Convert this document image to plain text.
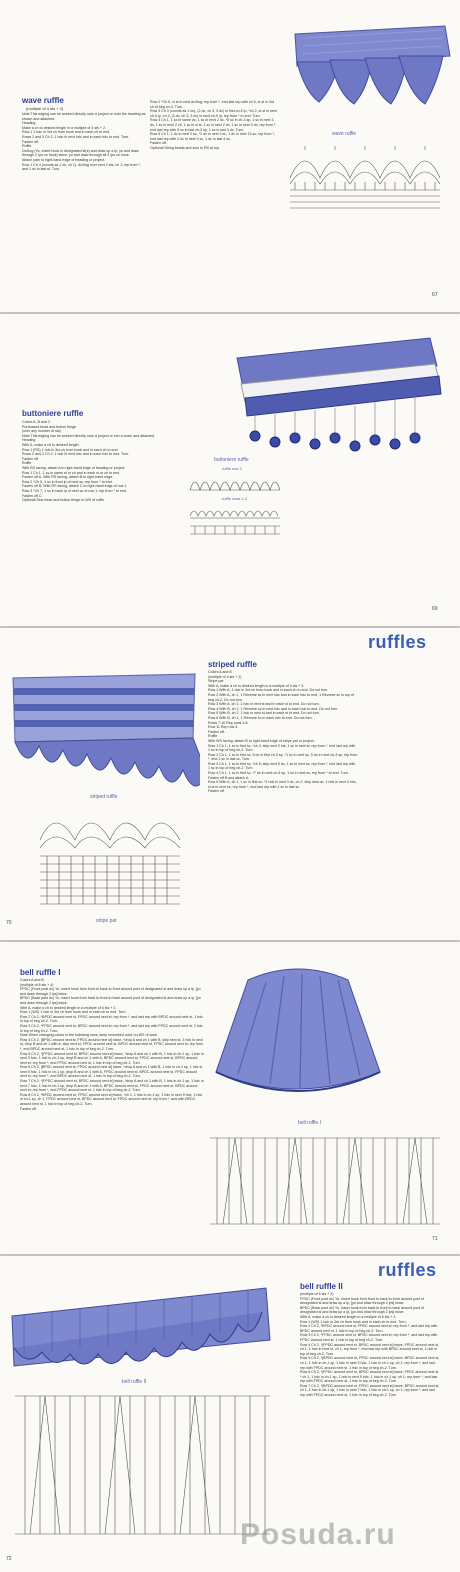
wave ruffle
wave ruffle
(multiple of 4 sts + 2)
Note This edging can be worked directly onto a project or onto the heading as shown and attached.
Heading
Make a ch to desired length in a multiple of 4 sts + 2.
Row 1 1 hdc in 3rd ch from hook and in each ch to end.
Rows 2 and 3 Ch 2, 1 hdc in next hdc and in each hdc to end. Turn.
Fasten off.
Ruffle
Dc2tog (Yo, insert hook in designated st(s) and draw up a lp, yo and draw through 2 lps on hook) twice, yo and draw through all 3 lps on hook.
Attach yarn to right-hand edge of heading or project.
Row 1 Ch 4 (counts as 1 dc, ch 1), dc2tog over next 2 sts, ch 1; rep from *, and 1 dc in last st. Turn.
Row 2 *Ch 5, sl st in next dc2tog; rep from *, end last rep with ch 5, sl st in 3rd ch of beg ch-4. Turn.
Row 3 Ch 3 (counts as 1 dc), (2 dc, ch 3, 3 dc) in first ch-5 lp, *ch 2, sl st in next ch-5 lp, ch 2, (3 dc, ch 3, 3 dc) in next ch-5 lp; rep from * to end. Turn.
Row 4 Ch 1, 1 sc in same dc, 1 sc in next 2 dc, *5 sc in ch-3 sp, 1 sc in next 3 dc, 1 sc in next 2 ch, 1 sc in sl st, 1 sc in next 2 ch, 1 sc in next 3 dc; rep from *, end last rep with 5 sc in last ch-3 sp, 1 sc in last 3 dc. Turn.
Row 5 Ch 1, 1 dc in next 2 sc, *2 dc in next 3 sc, 1 dc in next 13 sc; rep from *, end last rep with 2 dc in next 3 sc, 1 dc in last 4 sc.
Fasten off.
Optional String beads and sew to RS at top.
67
buttoniere ruffle
ruffle row 3
ruffle rows 1-2
buttoniere ruffle
Colors A, B and C
Purchased bead and button fringe
(over any number of sts)
Note This edging can be worked directly onto a project or into a chain and attached.
Heading
With A, make a ch to desired length.
Row 1 (RS) 1 hdc in 3rd ch from hook and in each ch to end.
Rows 2 and 3 Ch 2, 1 hdc in next hdc and in each hdc to end. Turn.
Fasten off.
Ruffle
With RS facing, attach A to right-hand edge of heading or project.
Row 1 Ch 1, 1 sc in same st or ch and in each st or ch to end.
Fasten off A. With RS facing, attach B to right-hand edge.
Row 2 *Ch 5, 1 sc in front lp of next sc; rep from * to end.
Fasten off B. With RS facing, attach C to right-hand edge of row 1.
Row 3 *Ch 7, 1 sc in back lp of next sc of row 1; rep from * to end.
Fasten off C.
Optional Sew bead and button fringe to WS of ruffle.
69
ruffles
striped ruffle
stripe pat
striped ruffle
Colors A and B
(multiple of 4 sts + 1)
Stripe pat
With A, make a ch to desired length in a multiple of 4 sts + 2.
Row 1 With A, 1 hdc in 3rd ch from hook and in each ch to end. Do not turn.
Row 2 With A, ch 1, 1 Reverse sc in next hdc and in each hdc to end, 1 Reverse sc in top of beg ch-2. Do not turn.
Row 3 With A, ch 2, 1 hdc in next st and in each st to end. Do not turn.
Row 4 With B, ch 1, 1 Reverse sc in next hdc and in each hdc to end. Do not turn.
Row 5 With B, ch 2, 1 hdc in next st and in each st to end. Do not turn.
Row 6 With B, ch 1, 1 Reverse sc in each hdc to end. Do not turn.
Rows 7-10 Rep rows 3-6.
Row 11 Rep row 3.
Fasten off.
Ruffle
With WS facing, attach B to right-hand edge of stripe pat or project.
Row 1 Ch 1, 1 sc in first sc, *ch 3, skip next 3 sts, 1 sc in next st; rep from *, end last rep with 1 sc in top of beg ch-2. Turn.
Row 2 Ch 1, 1 sc in first sc, 5 dc in first ch-3 sp, *1 sc in next sc, 5 dc in next ch-3 sp; rep from *, end 1 sc in last sc. Turn.
Row 3 Ch 1, 1 sc in first sc, *ch 5, skip next 5 dc, 1 sc in next sc; rep from *, end last rep with 1 sc in top of beg ch-2. Turn.
Row 4 Ch 1, 1 sc in first sc, *7 dc in next ch-5 sp, 1 sc in next sc; rep from * to end. Turn.
Fasten off B and attach A.
Row 5 With A, ch 1, 1 sc in first sc, *1 hdc in next 3 dc, ch 2, skip next dc, 1 hdc in next 3 hdc, sl st in next sc; rep from *, end last rep with 1 sc in last sc.
Fasten off.
70
bell ruffle I
bell ruffle I
Colors A and B
(multiple of 6 sts + 4)
FPDC (Front post dc) Yo, insert hook from front to back to front around post of designated st and draw up a lp, [yo and draw through 2 lps] twice.
BPDC (Back post dc) Yo, insert hook from back to front to back around post of designated st and draw up a lp, [yo and draw through 2 lps] twice.
With A, make a ch to desired length in a multiple of 6 sts + 2.
Row 1 (WS) 1 hdc in 3rd ch from hook and in each ch to end. Turn.
Row 2 Ch 2, *BPDC around next st, FPDC around next st; rep from *, and last rep with BPDC around next st, 1 hdc in top of beg ch-2. Turn.
Row 3 Ch 2, *FPDC around next st, BPDC around next st; rep from *, and last rep with FPDC around next st, 1 hdc in top of beg ch-2. Turn.
Note When changing colors in the following rows, keep unworked color on WS of work.
Row 4 Ch 2, [BPDC around next st, FPDC around next st] twice, *drop A and ch 1 with B, skip next st, 3 hdc in next st, drop B and ch 1 with A, skip next st, FPDC around next st, BPDC around next st, FPDC around next st; rep from *, end BPDC around next st, 1 hdc in top of beg ch-2. Turn.
Row 5 Ch 2, *[FPDC around next st, BPDC around next st] twice, *drop A and ch 1 with B, 1 hdc in ch-1 sp, 1 hdc in next 3 hdc, 1 hdc in ch-1 sp, drop B and ch 1 with A, BPDC around next st, FPDC around next st, BPDC around next st; rep from *, end FPDC around next st, 1 hdc in top of beg ch-2. Turn.
Row 6 Ch 2, [BPDC around next st, FPDC around next st] twice, *drop A and ch 1 with B, 1 hdc in ch-1 sp, 1 hdc in next 5 hdc, 1 hdc in ch-1 sp, drop B and ch 1 with A, FPDC around next st, BPDC around next st, FPDC around next st; rep from *, end BPDC around next st, 1 hdc in top of beg ch-2. Turn.
Row 7 Ch 2, *[FPDC around next st, BPDC around next st] twice, *drop A and ch 1 with B, 1 hdc in ch-1 sp, 1 hdc in next 7 hdc, 1 hdc in ch-1 sp, drop B and ch 1 with A, BPDC around next st, FPDC around next st, BPDC around next st; rep from *, end FPDC around next st, 1 hdc in top of beg ch-2. Turn.
Row 8 Ch 2, *BPDC around next st, FPDC around next st] twice, *ch 1, 1 hdc in ch-1 sp, 1 hdc in next 9 hdc, 1 hdc in ch-1 sp, ch 1, FPDC around next st, BPDC around next st, FPDC around next st; rep from *, and with BPDC around next st, 1 hdc in top of beg ch-2. Turn.
Fasten off.
71
ruffles
bell ruffle II
bell ruffle II
(multiple of 6 sts + 2)
FPDC (Front post dc) Yo, insert hook from front to back to front around post of designated st and draw up a lp, [yo and draw through 2 lps] twice.
BPDC (Back post dc) Yo, insert hook from back to front to back around post of designated st and draw up a lp, [yo and draw through 2 lps] twice.
With A, make a ch to desired length in a multiple of 6 sts + 2.
Row 1 (WS) 1 hdc in 3rd ch from hook and in each ch to end. Turn.
Row 2 Ch 2, *BPDC around next st, FPDC around next st; rep from *, and last rep with BPDC around next st, 1 hdc in top of beg ch-2. Turn.
Row 3 Ch 2, *FPDC around next st, BPDC around next st; rep from *, and last rep with FPDC around next st, 1 hdc in top of beg ch-2. Turn.
Row 4 Ch 2, *[FPDC around next st, BPDC around next st] twice, FPDC around next st, ch 1, 1 hdc in next st, ch 1; rep from *, end last rep with BPDC around next st, 1 hdc in top of beg ch-2. Turn.
Row 5 Ch 2, *[BPDC around next st, FPDC around next st] twice, BPDC around next st, ch 1, 1 hdc in ch-1 sp, 1 hdc in next 3 hdc, 1 hdc in ch-1 sp, ch 1; rep from *, and last rep with FPDC around next st, 1 hdc in top of beg ch-2. Turn.
Row 6 Ch 2, *[FPDC around next st, BPDC around next st] twice, FPDC around next st, * ch 1, 1 hdc in ch-1 sp, 1 hdc in next 5 hdc, 1 hdc in ch-1 sp, ch 1; rep from *, and last rep with FPDC around next st, 1 hdc in top of beg ch-2. Turn.
Row 7 Ch 2, *[BPDC around next st, FPDC around next st] twice, BPDC around next st, ch 1, 1 hdc in ch-1 sp, 1 hdc in next 7 hdc, 1 hdc in ch-1 sp, ch 1; rep from *, and last rep with FPDC around next st, 1 hdc in top of beg ch-2. Turn.
Posuda.ru
72
